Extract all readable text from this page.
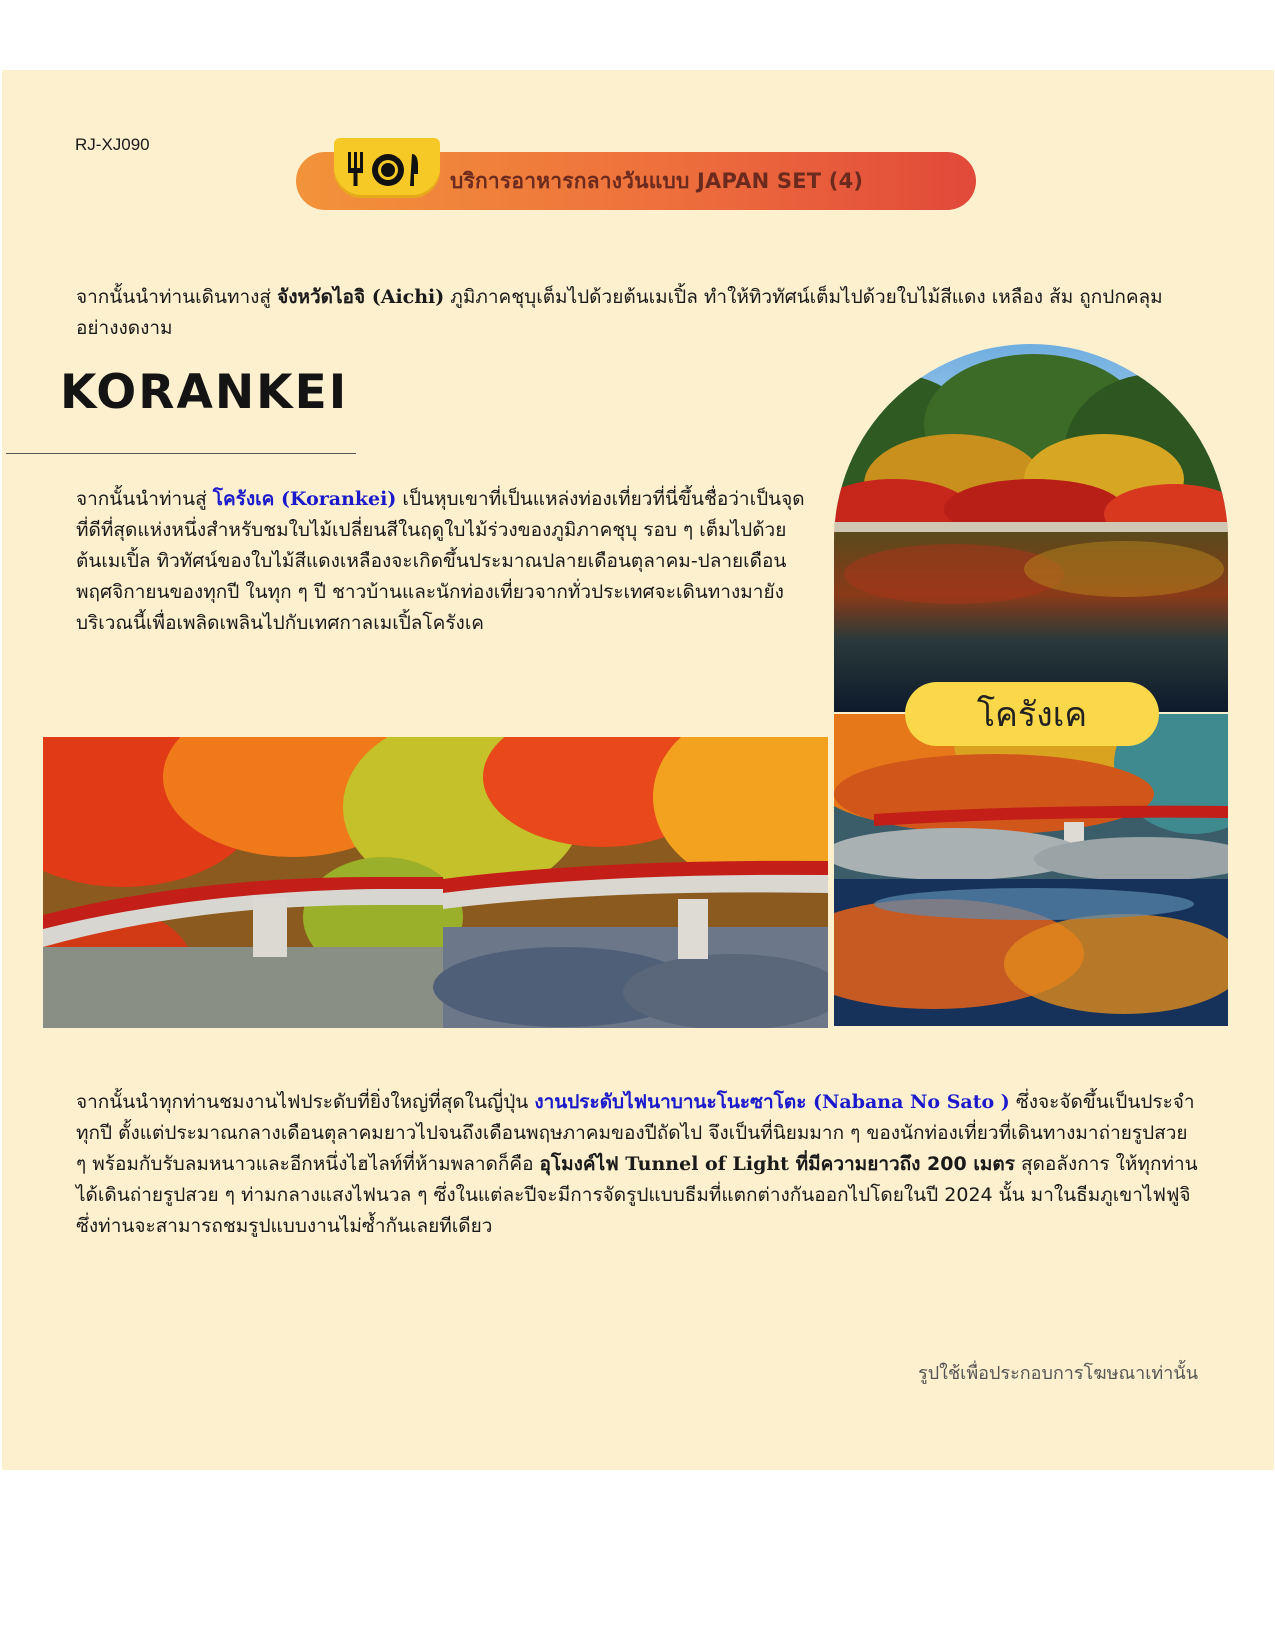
RJ-XJ090
บริการอาหารกลางวันแบบ JAPAN SET (4)
จากนั้นนำท่านเดินทางสู่ จังหวัดไอจิ (Aichi) ภูมิภาคชุบุเต็มไปด้วยต้นเมเปิ้ล ทำให้ทิวทัศน์เต็มไปด้วยใบไม้สีแดง เหลือง ส้ม ถูกปกคลุมอย่างงดงาม
KORANKEI
จากนั้นนำท่านสู่ โครังเค (Korankei) เป็นหุบเขาที่เป็นแหล่งท่องเที่ยวที่นี่ขึ้นชื่อว่าเป็นจุดที่ดีที่สุดแห่งหนึ่งสำหรับชมใบไม้เปลี่ยนสีในฤดูใบไม้ร่วงของภูมิภาคชุบุ รอบ ๆ เต็มไปด้วยต้นเมเปิ้ล ทิวทัศน์ของใบไม้สีแดงเหลืองจะเกิดขึ้นประมาณปลายเดือนตุลาคม-ปลายเดือนพฤศจิกายนของทุกปี ในทุก ๆ ปี ชาวบ้านและนักท่องเที่ยวจากทั่วประเทศจะเดินทางมายังบริเวณนี้เพื่อเพลิดเพลินไปกับเทศกาลเมเปิ้ลโครังเค
โครังเค
จากนั้นนำทุกท่านชมงานไฟประดับที่ยิ่งใหญ่ที่สุดในญี่ปุ่น งานประดับไฟนาบานะโนะซาโตะ (Nabana No Sato ) ซึ่งจะจัดขึ้นเป็นประจำทุกปี ตั้งแต่ประมาณกลางเดือนตุลาคมยาวไปจนถึงเดือนพฤษภาคมของปีถัดไป จึงเป็นที่นิยมมาก ๆ ของนักท่องเที่ยวที่เดินทางมาถ่ายรูปสวย ๆ พร้อมกับรับลมหนาวและอีกหนึ่งไฮไลท์ที่ห้ามพลาดก็คือ อุโมงค์ไฟ Tunnel of Light ที่มีความยาวถึง 200 เมตร สุดอลังการ ให้ทุกท่านได้เดินถ่ายรูปสวย ๆ ท่ามกลางแสงไฟนวล ๆ ซึ่งในแต่ละปีจะมีการจัดรูปแบบธีมที่แตกต่างกันออกไปโดยในปี 2024 นั้น มาในธีมภูเขาไฟฟูจิ ซึ่งท่านจะสามารถชมรูปแบบงานไม่ซ้ำกันเลยทีเดียว
รูปใช้เพื่อประกอบการโฆษณาเท่านั้น
